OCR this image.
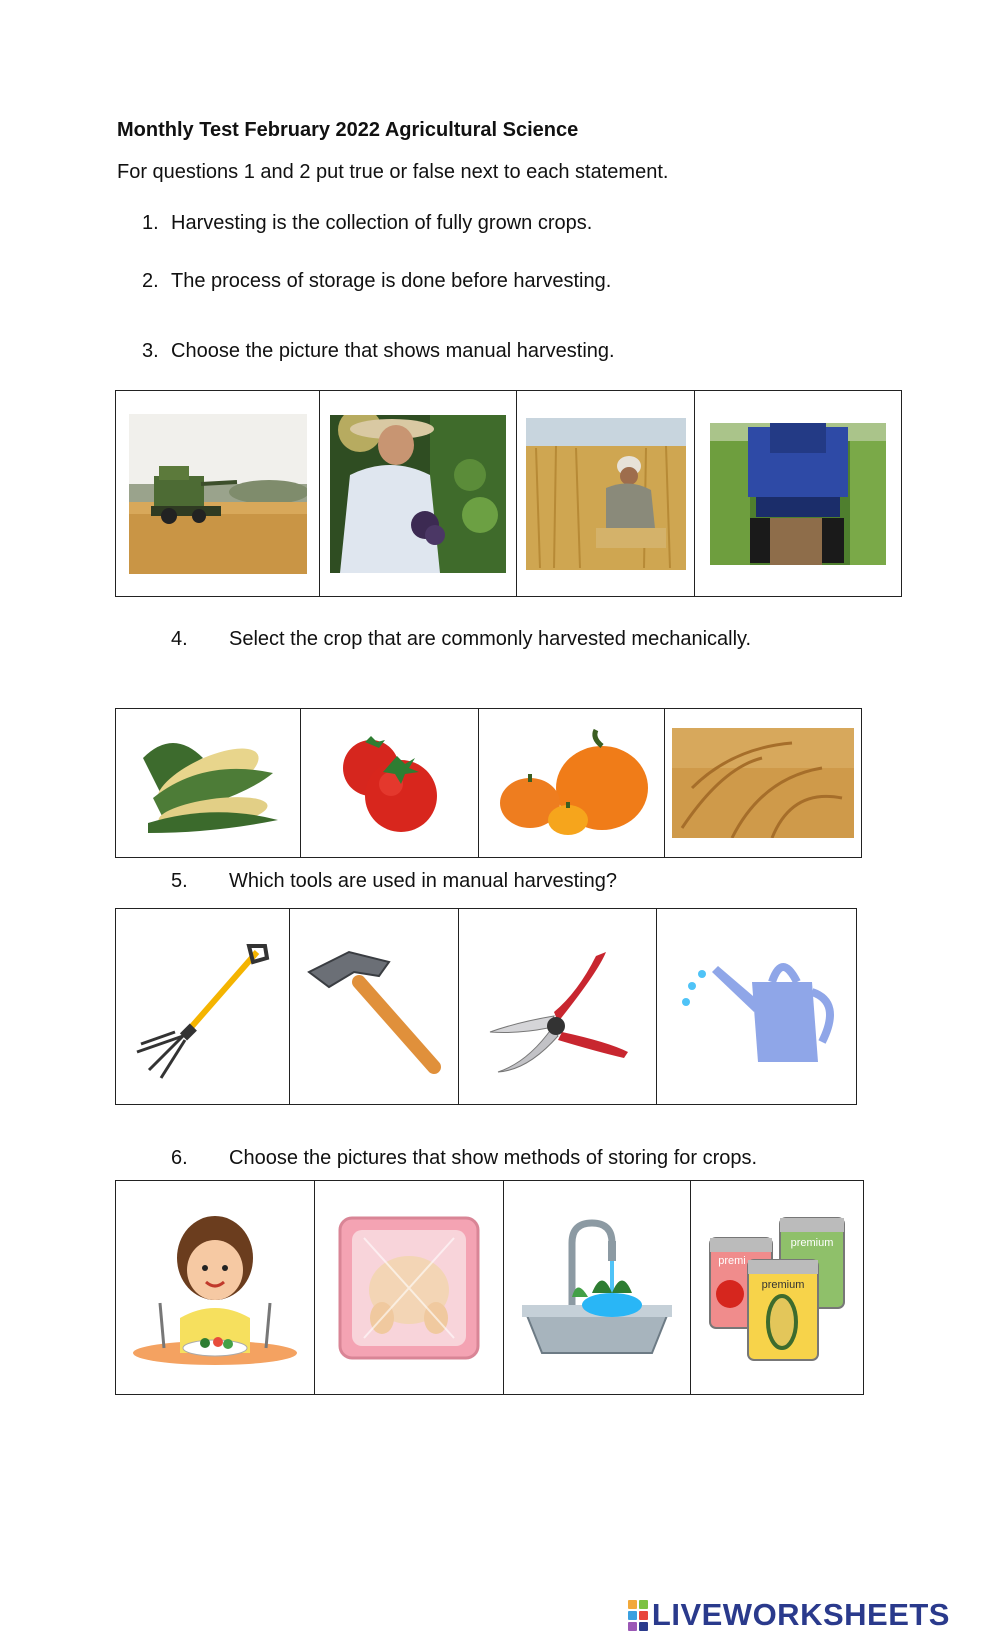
Monthly Test February 2022 Agricultural Science
For questions 1 and 2 put true or false next to each statement.
1. Harvesting is the collection of fully grown crops.
2. The process of storage is done before harvesting.
3. Choose the picture that shows manual harvesting.

4. Select the crop that are commonly harvested mechanically.

5. Which tools are used in manual harvesting?

6. Choose the pictures that show methods of storing for crops.

premium
premi
premium
LIVEWORKSHEETS
